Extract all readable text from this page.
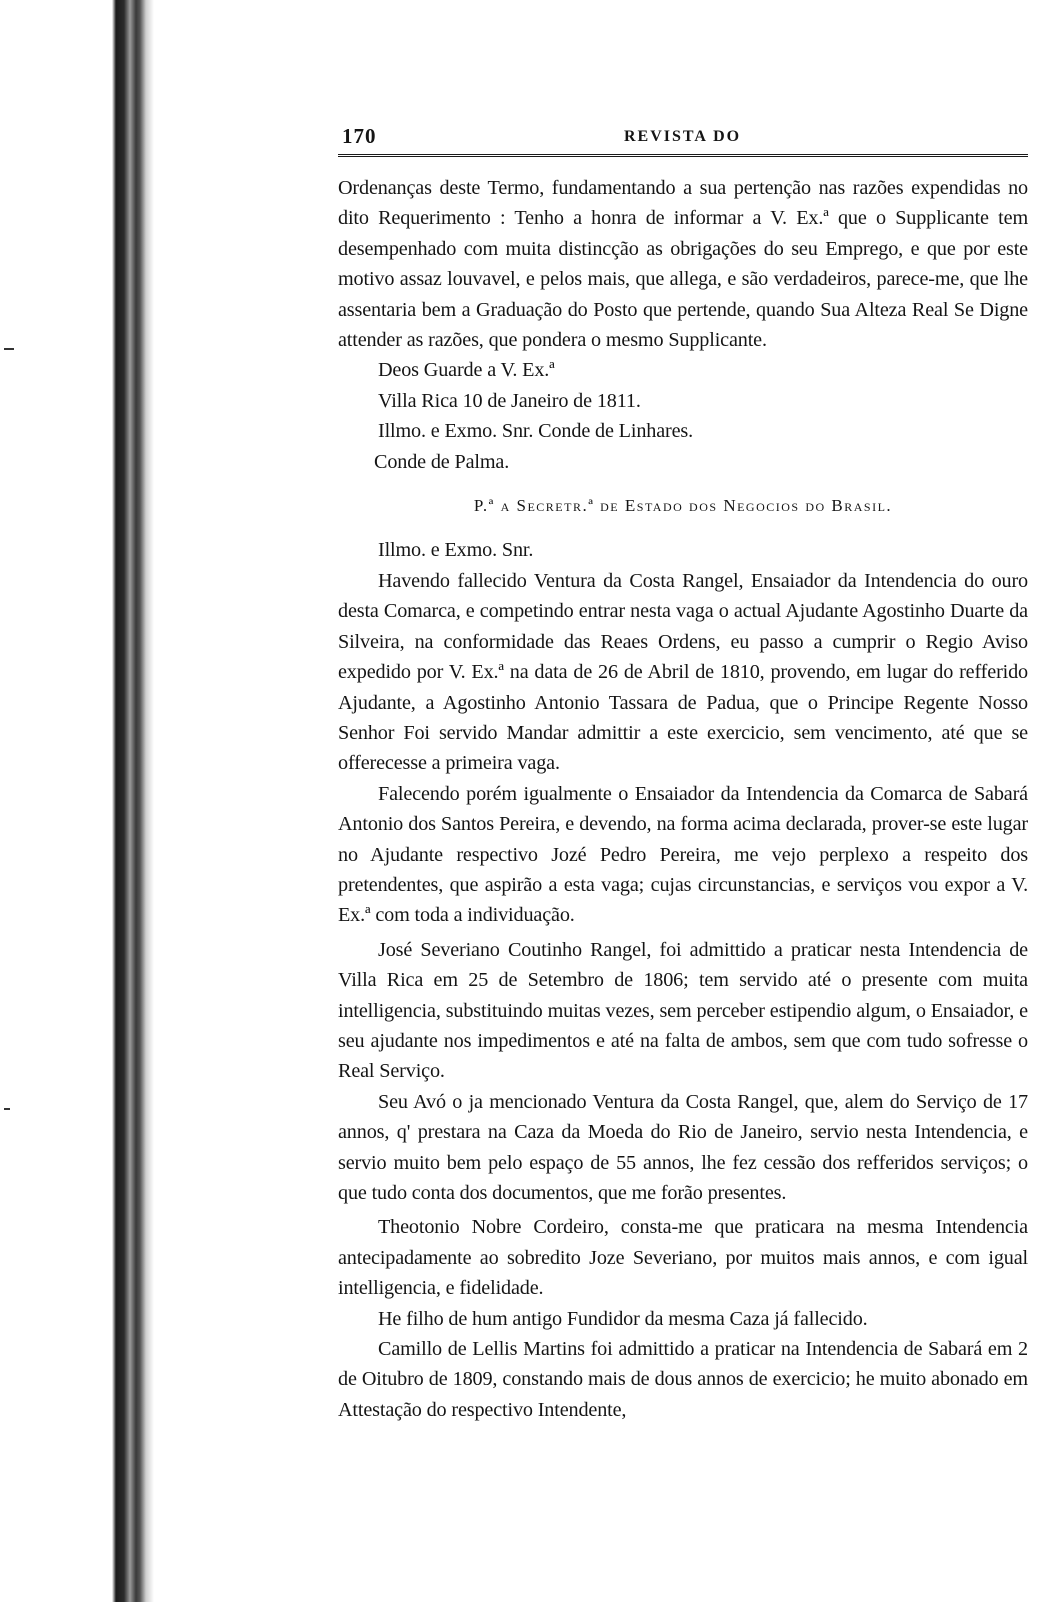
170	REVISTA DO

Ordenanças deste Termo, fundamentando a sua pertenção nas razões expendidas no dito Requerimento : Tenho a honra de informar a V. Ex.ª que o Supplicante tem desempenhado com muita distincção as obrigações do seu Emprego, e que por este motivo assaz louvavel, e pelos mais, que allega, e são verdadeiros, parece-me, que lhe assentaria bem a Graduação do Posto que pertende, quando Sua Alteza Real Se Digne attender as razões, que pondera o mesmo Supplicante.

Deos Guarde a V. Ex.ª

Villa Rica 10 de Janeiro de 1811.

Illmo. e Exmo. Snr. Conde de Linhares.

Conde de Palma.

P.ª a Secretr.ª de Estado dos Negocios do Brasil.

Illmo. e Exmo. Snr.

Havendo fallecido Ventura da Costa Rangel, Ensaiador da Intendencia do ouro desta Comarca, e competindo entrar nesta vaga o actual Ajudante Agostinho Duarte da Silveira, na conformidade das Reaes Ordens, eu passo a cumprir o Regio Aviso expedido por V. Ex.ª na data de 26 de Abril de 1810, provendo, em lugar do refferido Ajudante, a Agostinho Antonio Tassara de Padua, que o Principe Regente Nosso Senhor Foi servido Mandar admittir a este exercicio, sem vencimento, até que se offerecesse a primeira vaga.

Falecendo porém igualmente o Ensaiador da Intendencia da Comarca de Sabará Antonio dos Santos Pereira, e devendo, na forma acima declarada, prover-se este lugar no Ajudante respectivo Jozé Pedro Pereira, me vejo perplexo a respeito dos pretendentes, que aspirão a esta vaga; cujas circunstancias, e serviços vou expor a V. Ex.ª com toda a individuação.

José Severiano Coutinho Rangel, foi admittido a praticar nesta Intendencia de Villa Rica em 25 de Setembro de 1806; tem servido até o presente com muita intelligencia, substituindo muitas vezes, sem perceber estipendio algum, o Ensaiador, e seu ajudante nos impedimentos e até na falta de ambos, sem que com tudo sofresse o Real Serviço.

Seu Avó o ja mencionado Ventura da Costa Rangel, que, alem do Serviço de 17 annos, q' prestara na Caza da Moeda do Rio de Janeiro, servio nesta Intendencia, e servio muito bem pelo espaço de 55 annos, lhe fez cessão dos refferidos serviços; o que tudo conta dos documentos, que me forão presentes.

Theotonio Nobre Cordeiro, consta-me que praticara na mesma Intendencia antecipadamente ao sobredito Joze Severiano, por muitos mais annos, e com igual intelligencia, e fidelidade.

He filho de hum antigo Fundidor da mesma Caza já fallecido.

Camillo de Lellis Martins foi admittido a praticar na Intendencia de Sabará em 2 de Oitubro de 1809, constando mais de dous annos de exercicio; he muito abonado em Attestação do respectivo Intendente,
